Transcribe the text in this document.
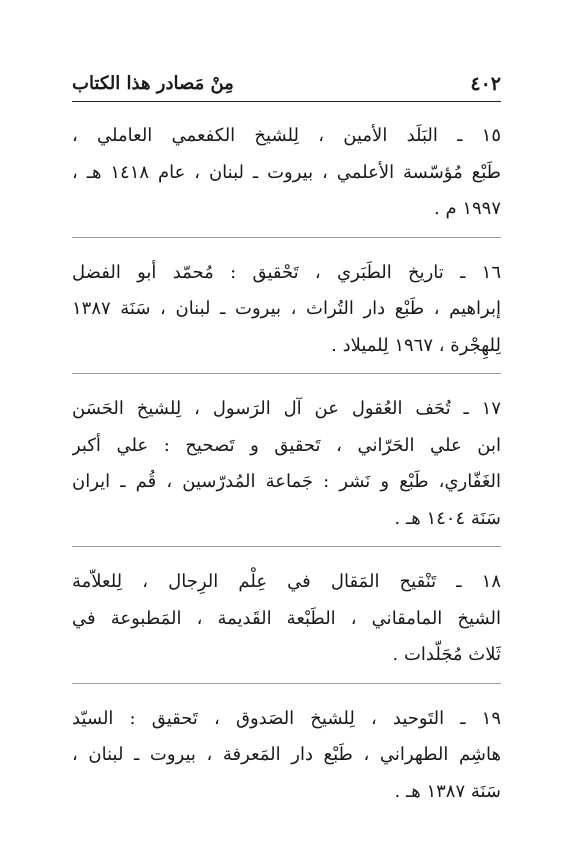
٤٠٢
مِنْ مَصادر هذا الكتاب
١٥ ـ البَلَد الأمين ، لِلشيخ الكفعمي العاملي ،
طَبْع مُؤسّسة الأعلمي ، بيروت ـ لبنان ، عام ١٤١٨ هـ ،
١٩٩٧ م .
١٦ ـ تاريخ الطَبَري ، تَحْقيق : مُحمّد أبو الفضل
إبراهيم ، طَبْع دار التُراث ، بيروت ـ لبنان ، سَنَة ١٣٨٧
لِلهِجْرة ، ١٩٦٧ لِلميلاد .
١٧ ـ تُحَف العُقول عن آل الرَسول ، لِلشيخ الحَسَن
ابن علي الحَرّاني ، تَحقيق و تَصحيح : علي أكبر
الغَفّاري، طَبْع و نَشر : جَماعة المُدرّسين ، قُم ـ ايران
سَنَة ١٤٠٤ هـ .
١٨ ـ تَنْقيح المَقال في عِلْم الرِجال ، لِلعلاّمة
الشيخ المامقاني ، الطَبْعة القَديمة ، المَطبوعة في
ثَلاث مُجَلّدات .
١٩ ـ التَوحيد ، لِلشيخ الصَدوق ، تَحقيق : السيّد
هاشِم الطهراني ، طَبْع دار المَعرفة ، بيروت ـ لبنان ،
سَنَة ١٣٨٧ هـ .
